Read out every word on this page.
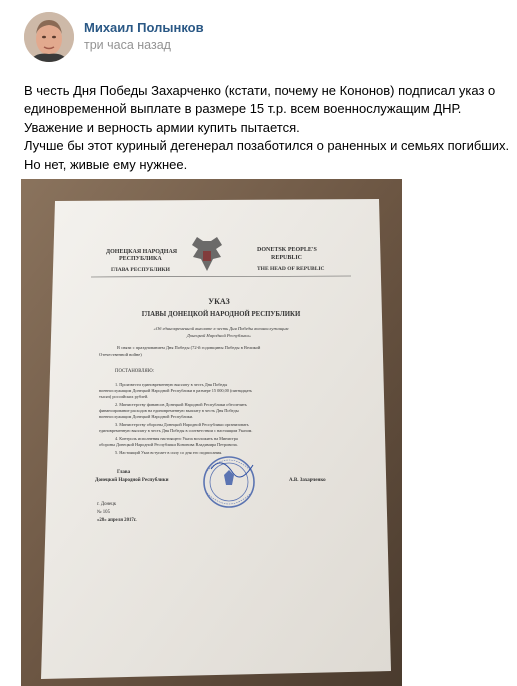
Михаил Полынков
три часа назад

В честь Дня Победы Захарченко (кстати, почему не Кононов) подписал указ о

единовременной выплате в размере 15 т.р. всем военнослужащим ДНР.

Уважение и верность армии купить пытается.

Лучше бы этот куриный дегенерал позаботился о раненных и семьях погибших.

Но нет, живые ему нужнее.

ДОНЕЦКАЯ НАРОДНАЯ
РЕСПУБЛИКА
ГЛАВА РЕСПУБЛИКИ
DONETSK PEOPLE'S
REPUBLIC
THE HEAD OF REPUBLIC
УКАЗ
ГЛАВЫ ДОНЕЦКОЙ НАРОДНОЙ РЕСПУБЛИКИ
«Об единовременной выплате в честь Дня Победы военнослужащим
Донецкой Народной Республики»
В связи с празднованием Дня Победы (72-й годовщины Победы в Великой
Отечественной войне)
ПОСТАНОВЛЯЮ:
1. Произвести единовременную выплату в честь Дня Победы
военнослужащим Донецкой Народной Республики в размере 15 000,00 (пятнадцать
тысяч) российских рублей.
2. Министерству финансов Донецкой Народной Республики обеспечить
финансирование расходов на единовременную выплату в честь Дня Победы
военнослужащим Донецкой Народной Республики.
3. Министерству обороны Донецкой Народной Республики организовать
единовременную выплату в честь Дня Победы в соответствии с настоящим Указом.
4. Контроль исполнения настоящего Указа возложить на Министра
обороны Донецкой Народной Республики Кононова Владимира Петровича.
5. Настоящий Указ вступает в силу со дня его подписания.
Глава
Донецкой Народной Республики	А.В. Захарченко
г. Донецк
№ 105
«28» апреля 2017г.
